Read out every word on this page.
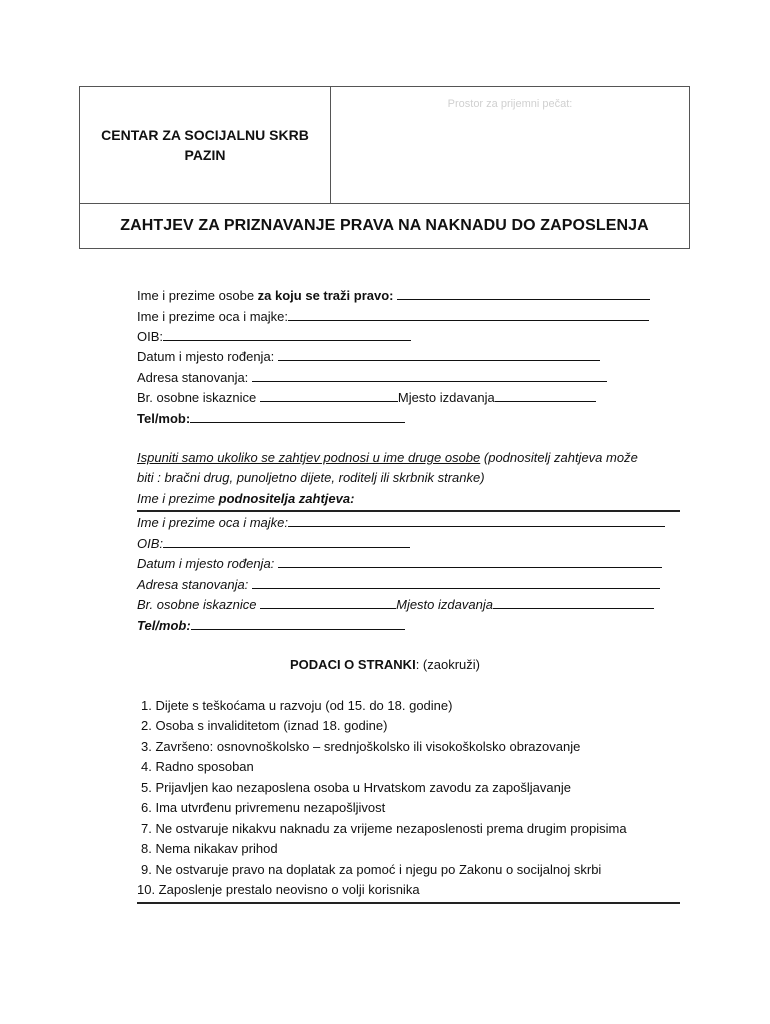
CENTAR ZA SOCIJALNU SKRB
PAZIN
Prostor za prijemni pečat:
ZAHTJEV ZA PRIZNAVANJE PRAVA NA NAKNADU DO ZAPOSLENJA
Ime i prezime osobe za koju se traži pravo:
Ime i prezime oca i majke:
OIB:
Datum i mjesto rođenja:
Adresa stanovanja:
Br. osobne iskaznice	Mjesto izdavanja
Tel/mob:
Ispuniti samo ukoliko se zahtjev podnosi u ime druge osobe (podnositelj zahtjeva može
biti : bračni drug, punoljetno dijete, roditelj ili skrbnik stranke)
Ime i prezime podnositelja zahtjeva:
Ime i prezime oca i majke:
OIB:
Datum i mjesto rođenja:
Adresa stanovanja:
Br. osobne iskaznice	Mjesto izdavanja
Tel/mob:
PODACI O STRANKI: (zaokruži)
1. Dijete s teškoćama u razvoju (od 15. do 18. godine)
2. Osoba s invaliditetom (iznad 18. godine)
3. Završeno: osnovnoškolsko – srednjoškolsko ili visokoškolsko obrazovanje
4. Radno sposoban
5. Prijavljen kao nezaposlena osoba u Hrvatskom zavodu za zapošljavanje
6. Ima utvrđenu privremenu nezapošljivost
7. Ne ostvaruje nikakvu naknadu za vrijeme nezaposlenosti prema drugim propisima
8. Nema nikakav prihod
9. Ne ostvaruje pravo na doplatak za pomoć i njegu po Zakonu o socijalnoj skrbi
10. Zaposlenje prestalo neovisno o volji korisnika
